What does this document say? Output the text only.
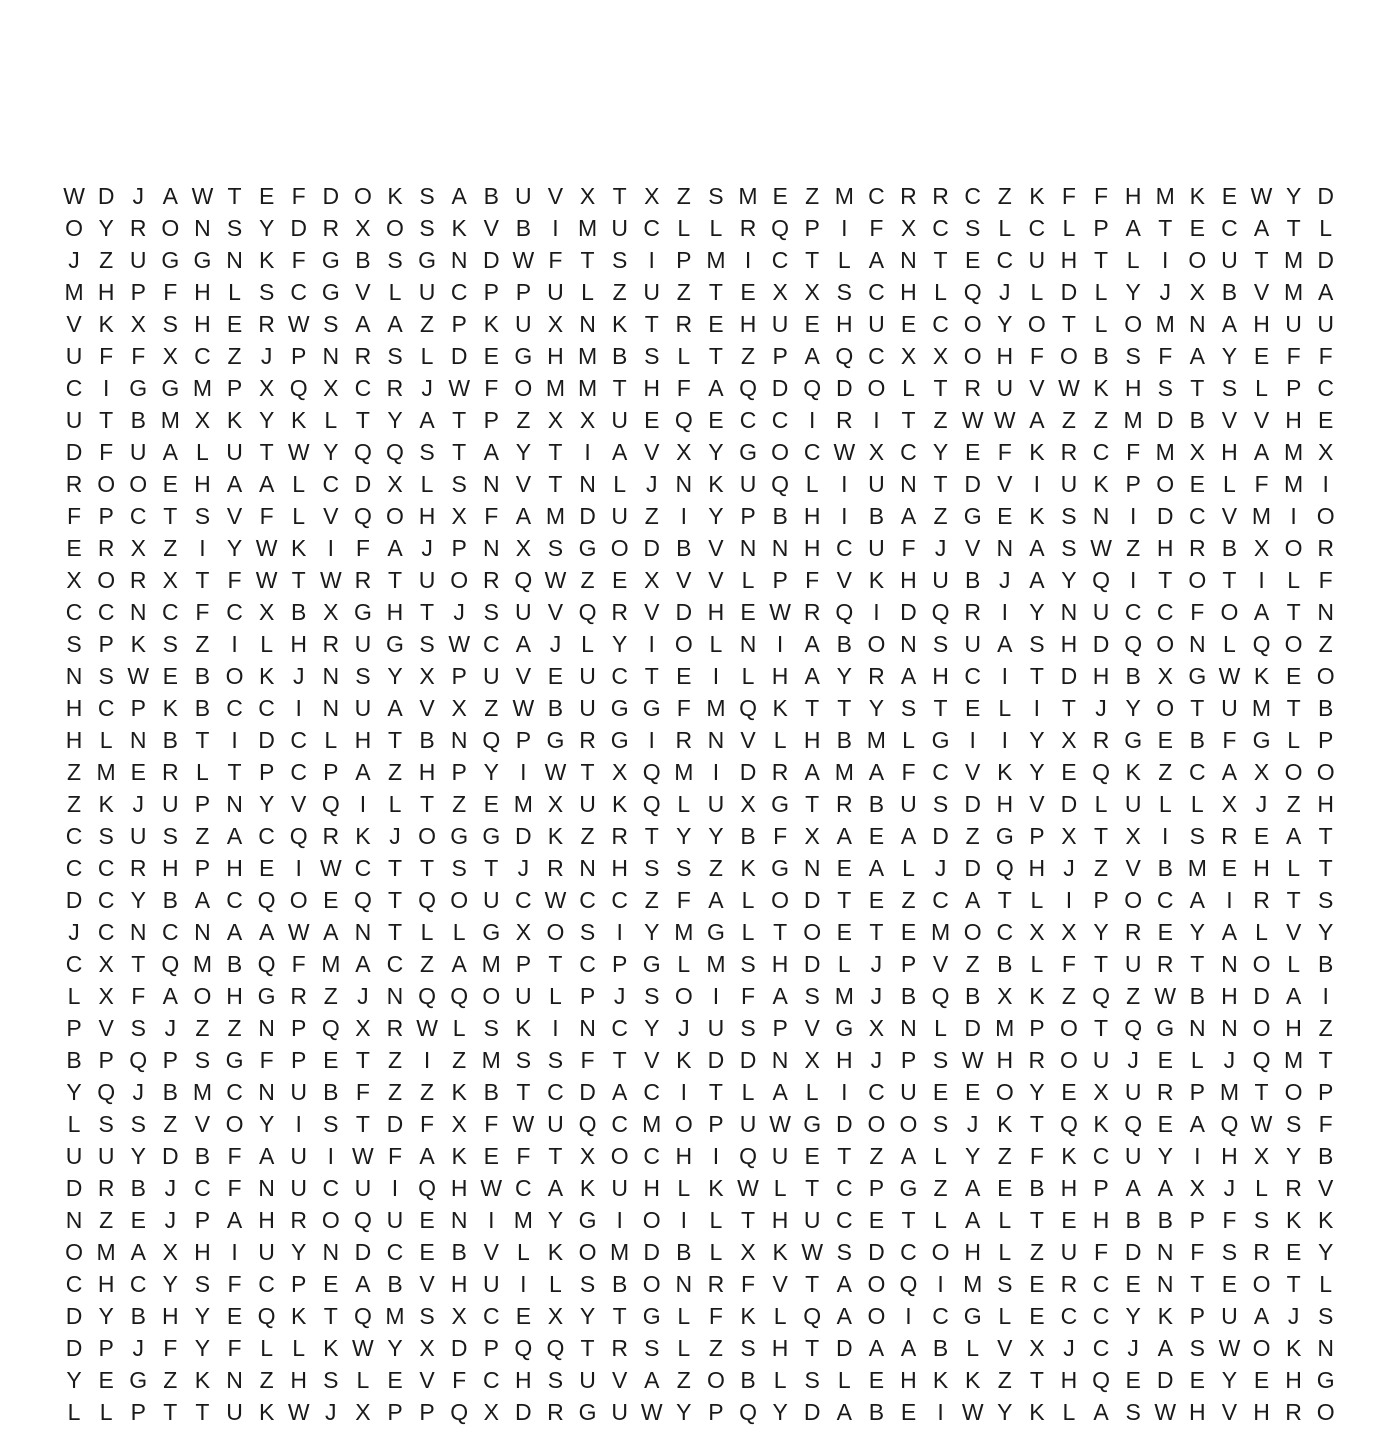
W D J A W T E F D O K S A B U V X T X Z S M E Z M C R R C Z K F F H M K E W Y D
O Y R O N S Y D R X O S K V B I M U C L L R Q P I F X C S L C L P A T E C A T L
J Z U G G N K F G B S G N D W F T S I P M I C T L A N T E C U H T L I O U T M D
M H P F H L S C G V L U C P P U L Z U Z T E X X S C H L Q J L D L Y J X B V M A
V K X S H E R W S A A Z P K U X N K T R E H U E H U E C O Y O T L O M N A H U U
U F F X C Z J P N R S L D E G H M B S L T Z P A Q C X X O H F O B S F A Y E F F
C I G G M P X Q X C R J W F O M M T H F A Q D Q D O L T R U V W K H S T S L P C
U T B M X K Y K L T Y A T P Z X X U E Q E C C I R I T Z W W A Z Z M D B V V H E
D F U A L U T W Y Q Q S T A Y T I A V X Y G O C W X C Y E F K R C F M X H A M X
R O O E H A A L C D X L S N V T N L J N K U Q L I U N T D V I U K P O E L F M I
F P C T S V F L V Q O H X F A M D U Z I Y P B H I B A Z G E K S N I D C V M I O
E R X Z I Y W K I F A J P N X S G O D B V N N H C U F J V N A S W Z H R B X O R
X O R X T F W T W R T U O R Q W Z E X V V L P F V K H U B J A Y Q I T O T I L F
C C N C F C X B X G H T J S U V Q R V D H E W R Q I D Q R I Y N U C C F O A T N
S P K S Z I L H R U G S W C A J L Y I O L N I A B O N S U A S H D Q O N L Q O Z
N S W E B O K J N S Y X P U V E U C T E I L H A Y R A H C I T D H B X G W K E O
H C P K B C C I N U A V X Z W B U G G F M Q K T T Y S T E L I T J Y O T U M T B
H L N B T I D C L H T B N Q P G R G I R N V L H B M L G I	I Y X R G E B F G L P
Z M E R L T P C P A Z H P Y I W T X Q M I D R A M A F C V K Y E Q K Z C A X O O
Z K J U P N Y V Q I L T Z E M X U K Q L U X G T R B U S D H V D L U L L X J Z H
C S U S Z A C Q R K J O G G D K Z R T Y Y B F X A E A D Z G P X T X I S R E A T
C C R H P H E I W C T T S T J R N H S S Z K G N E A L J D Q H J Z V B M E H L T
D C Y B A C Q O E Q T Q O U C W C C Z F A L O D T E Z C A T L I P O C A I R T S
J C N C N A A W A N T L L G X O S I Y M G L T O E T E M O C X X Y R E Y A L V Y
C X T Q M B Q F M A C Z A M P T C P G L M S H D L J P V Z B L F T U R T N O L B
L X F A O H G R Z J N Q Q O U L P J S O I F A S M J B Q B X K Z Q Z W B H D A I
P V S J Z Z N P Q X R W L S K I N C Y J U S P V G X N L D M P O T Q G N N O H Z
B P Q P S G F P E T Z I Z M S S F T V K D D N X H J P S W H R O U J E L J Q M T
Y Q J B M C N U B F Z Z K B T C D A C I T L A L I C U E E O Y E X U R P M T O P
L S S Z V O Y I S T D F X F W U Q C M O P U W G D O O S J K T Q K Q E A Q W S F
U U Y D B F A U I W F A K E F T X O C H I Q U E T Z A L Y Z F K C U Y I H X Y B
D R B J C F N U C U I Q H W C A K U H L K W L T C P G Z A E B H P A A X J L R V
N Z E J P A H R O Q U E N I M Y G I O I L T H U C E T L A L T E H B B P F S K K
O M A X H I U Y N D C E B V L K O M D B L X K W S D C O H L Z U F D N F S R E Y
C H C Y S F C P E A B V H U I L S B O N R F V T A O Q I M S E R C E N T E O T L
D Y B H Y E Q K T Q M S X C E X Y T G L F K L Q A O I C G L E C C Y K P U A J S
D P J F Y F L L K W Y X D P Q Q T R S L Z S H T D A A B L V X J C J A S W O K N
Y E G Z K N Z H S L E V F C H S U V A Z O B L S L E H K K Z T H Q E D E Y E H G
L L P T T U K W J X P P Q X D R G U W Y P Q Y D A B E I W Y K L A S W H V H R O
